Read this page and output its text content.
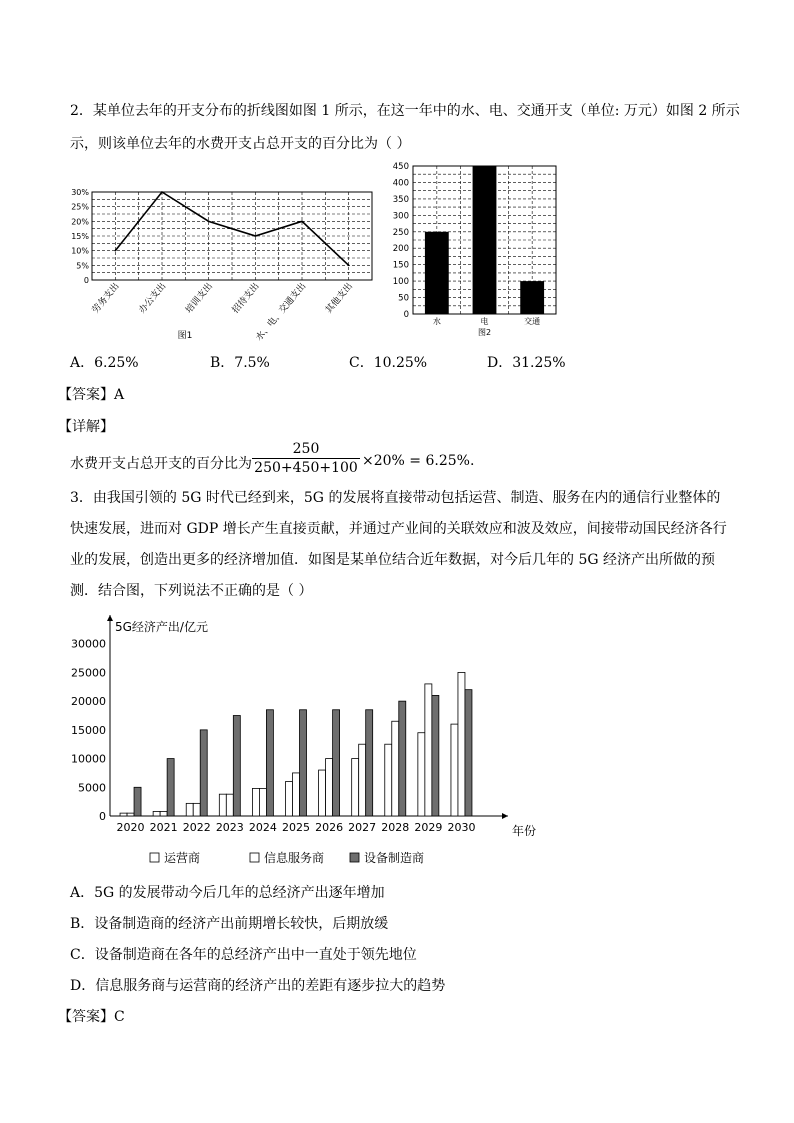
2．某单位去年的开支分布的折线图如图 1 所示，在这一年中的水、电、交通开支（单位: 万元）如图 2 所示
示，则该单位去年的水费开支占总开支的百分比为（ ）
0
5%
10%
15%
20%
25%
30%
劳务支出 办公支出 培训支出 招待支出
水、电、交通支出 其他支出
图1
0
50
100
150
200
250
300
350
400
450
水	电	交通
图2
A．6.25%	B．7.5%	C．10.25%	D．31.25%
【答案】A
【详解】
水费开支占总开支的百分比为
250
250+450+100 ×20% = 6.25%.
3．由我国引领的 5G 时代已经到来，5G 的发展将直接带动包括运营、制造、服务在内的通信行业整体的
快速发展，进而对 GDP 增长产生直接贡献，并通过产业间的关联效应和波及效应，间接带动国民经济各行
业的发展，创造出更多的经济增加值．如图是某单位结合近年数据，对今后几年的 5G 经济产出所做的预
测．结合图，下列说法不正确的是（ ）
5G经济产出/亿元
年份
0
5000
10000
15000
20000
25000
30000
2020 2021 2022 2023 2024 2025 2026 2027 2028 2029 2030
运营商	信息服务商	设备制造商
A．5G 的发展带动今后几年的总经济产出逐年增加
B．设备制造商的经济产出前期增长较快，后期放缓
C．设备制造商在各年的总经济产出中一直处于领先地位
D．信息服务商与运营商的经济产出的差距有逐步拉大的趋势
【答案】C
